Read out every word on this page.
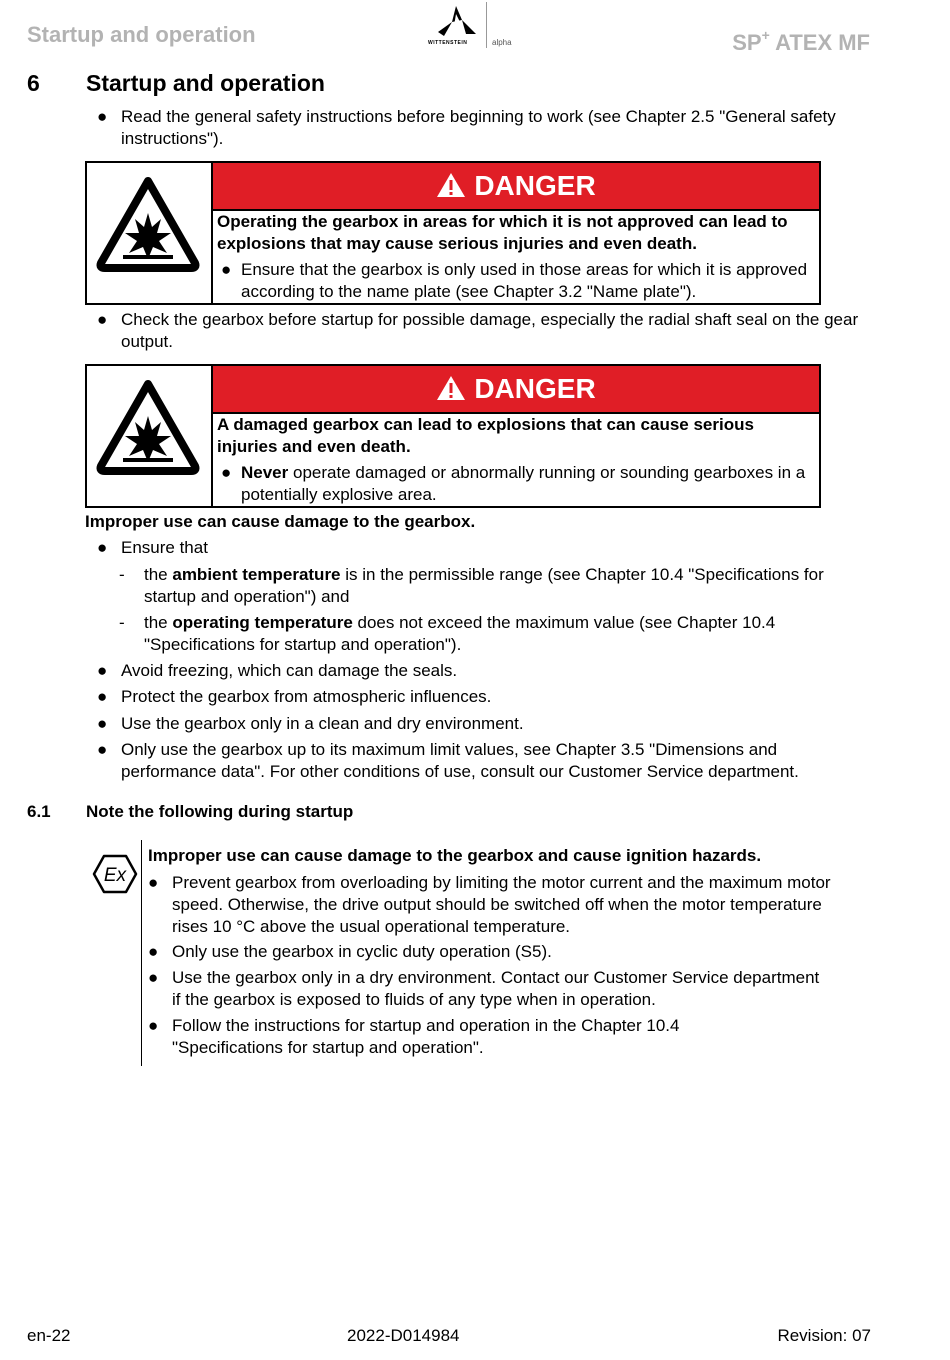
Startup and operation	WITTENSTEIN	alpha	SP+ ATEX MF
6 Startup and operation
● Read the general safety instructions before beginning to work (see Chapter 2.5 "General safety instructions").
DANGER
Operating the gearbox in areas for which it is not approved can lead to explosions that may cause serious injuries and even death.
● Ensure that the gearbox is only used in those areas for which it is approved according to the name plate (see Chapter 3.2 "Name plate").
● Check the gearbox before startup for possible damage, especially the radial shaft seal on the gear output.
DANGER
A damaged gearbox can lead to explosions that can cause serious injuries and even death.
● Never operate damaged or abnormally running or sounding gearboxes in a potentially explosive area.
Improper use can cause damage to the gearbox.
● Ensure that
- the ambient temperature is in the permissible range (see Chapter 10.4 "Specifications for startup and operation") and
- the operating temperature does not exceed the maximum value (see Chapter 10.4 "Specifications for startup and operation").
● Avoid freezing, which can damage the seals.
● Protect the gearbox from atmospheric influences.
● Use the gearbox only in a clean and dry environment.
● Only use the gearbox up to its maximum limit values, see Chapter 3.5 "Dimensions and performance data". For other conditions of use, consult our Customer Service department.
6.1 Note the following during startup
Ex
Improper use can cause damage to the gearbox and cause ignition hazards.
● Prevent gearbox from overloading by limiting the motor current and the maximum motor speed. Otherwise, the drive output should be switched off when the motor temperature rises 10 °C above the usual operational temperature.
● Only use the gearbox in cyclic duty operation (S5).
● Use the gearbox only in a dry environment. Contact our Customer Service department if the gearbox is exposed to fluids of any type when in operation.
● Follow the instructions for startup and operation in the Chapter 10.4 "Specifications for startup and operation".
en-22	2022-D014984	Revision: 07
